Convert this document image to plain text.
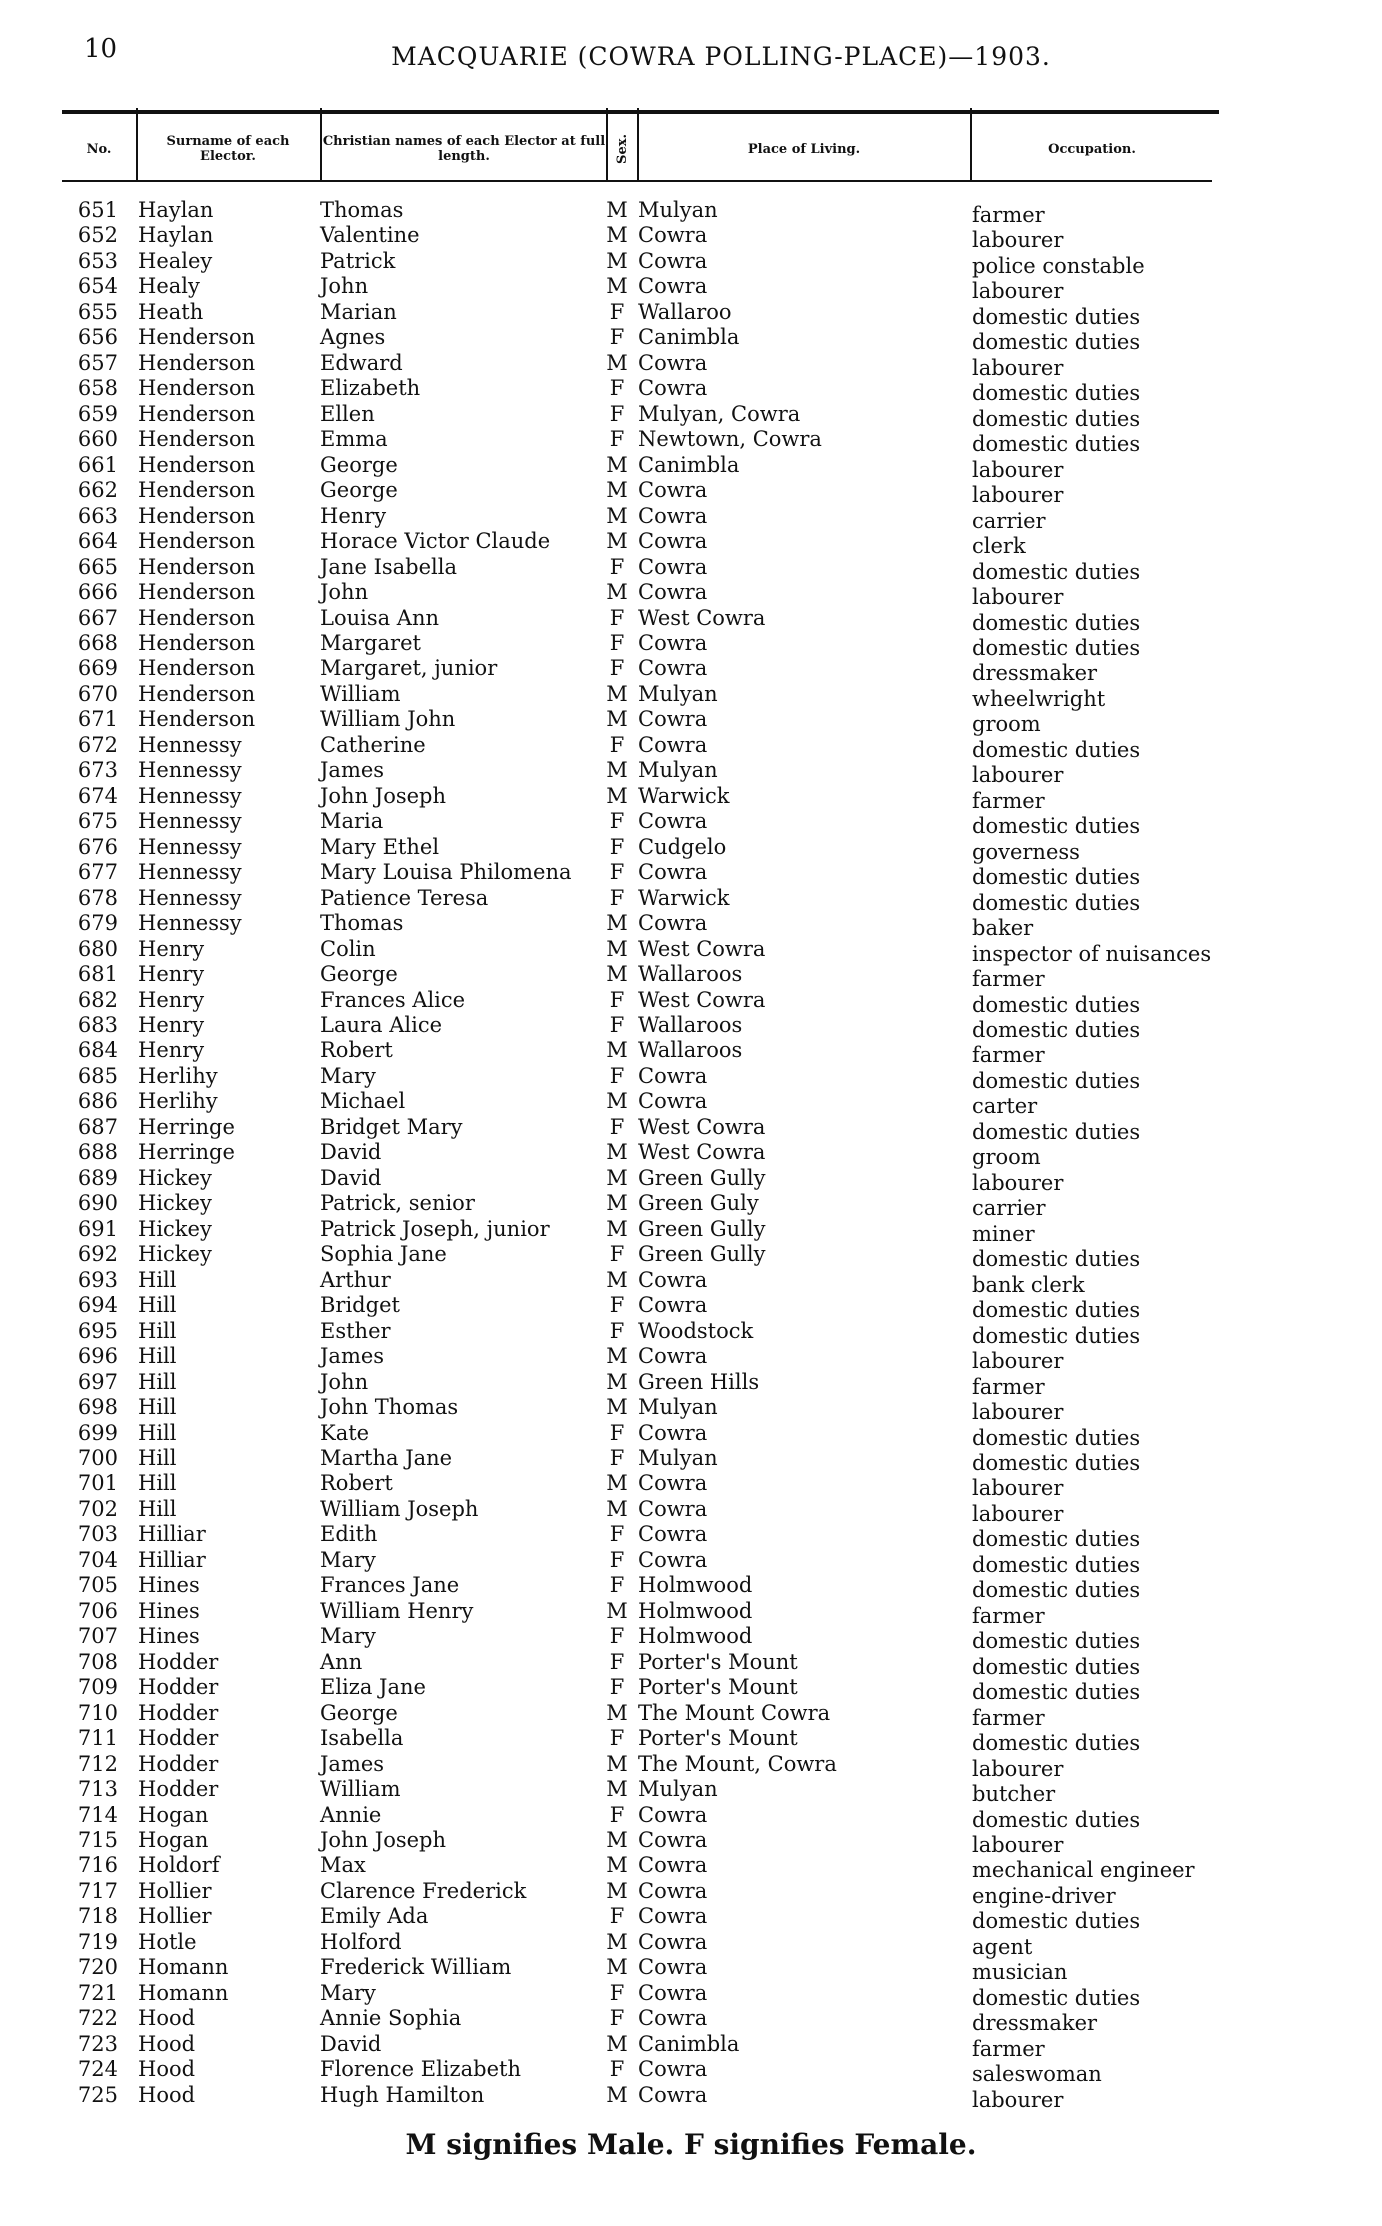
10	MACQUARIE (COWRA POLLING-PLACE)—1903.
No.	Surname of each Elector.
Christian names of each Elector at full length.	Sex.	Place of Living.	Occupation.
651 Haylan	Thomas	M Mulyan	farmer
652 Haylan	Valentine	M Cowra	labourer
653 Healey	Patrick	M Cowra	police constable
654 Healy	John	M Cowra	labourer
655 Heath	Marian	F Wallaroo	domestic duties
656 Henderson	Agnes	F Canimbla	domestic duties
657 Henderson	Edward	M Cowra	labourer
658 Henderson	Elizabeth	F Cowra	domestic duties
659 Henderson	Ellen	F Mulyan, Cowra	domestic duties
660 Henderson	Emma	F Newtown, Cowra	domestic duties
661 Henderson	George	M Canimbla	labourer
662 Henderson	George	M Cowra	labourer
663 Henderson	Henry	M Cowra	carrier
664 Henderson	Horace Victor Claude	M Cowra	clerk
665 Henderson	Jane Isabella	F Cowra	domestic duties
666 Henderson	John	M Cowra	labourer
667 Henderson	Louisa Ann	F West Cowra	domestic duties
668 Henderson	Margaret	F Cowra	domestic duties
669 Henderson	Margaret, junior	F Cowra	dressmaker
670 Henderson	William	M Mulyan	wheelwright
671 Henderson	William John	M Cowra	groom
672 Hennessy	Catherine	F Cowra	domestic duties
673 Hennessy	James	M Mulyan	labourer
674 Hennessy	John Joseph	M Warwick	farmer
675 Hennessy	Maria	F Cowra	domestic duties
676 Hennessy	Mary Ethel	F Cudgelo	governess
677 Hennessy	Mary Louisa Philomena F Cowra	domestic duties
678 Hennessy	Patience Teresa	F Warwick	domestic duties
679 Hennessy	Thomas	M Cowra	baker
680 Henry	Colin	M West Cowra	inspector of nuisances
681 Henry	George	M Wallaroos	farmer
682 Henry	Frances Alice	F West Cowra	domestic duties
683 Henry	Laura Alice	F Wallaroos	domestic duties
684 Henry	Robert	M Wallaroos	farmer
685 Herlihy	Mary	F Cowra	domestic duties
686 Herlihy	Michael	M Cowra	carter
687 Herringe	Bridget Mary	F West Cowra	domestic duties
688 Herringe	David	M West Cowra	groom
689 Hickey	David	M Green Gully	labourer
690 Hickey	Patrick, senior	M Green Guly	carrier
691 Hickey	Patrick Joseph, junior	M Green Gully	miner
692 Hickey	Sophia Jane	F Green Gully	domestic duties
693 Hill	Arthur	M Cowra	bank clerk
694 Hill	Bridget	F Cowra	domestic duties
695 Hill	Esther	F Woodstock	domestic duties
696 Hill	James	M Cowra	labourer
697 Hill	John	M Green Hills	farmer
698 Hill	John Thomas	M Mulyan	labourer
699 Hill	Kate	F Cowra	domestic duties
700 Hill	Martha Jane	F Mulyan	domestic duties
701 Hill	Robert	M Cowra	labourer
702 Hill	William Joseph	M Cowra	labourer
703 Hilliar	Edith	F Cowra	domestic duties
704 Hilliar	Mary	F Cowra	domestic duties
705 Hines	Frances Jane	F Holmwood	domestic duties
706 Hines	William Henry	M Holmwood	farmer
707 Hines	Mary	F Holmwood	domestic duties
708 Hodder	Ann	F Porter's Mount	domestic duties
709 Hodder	Eliza Jane	F Porter's Mount	domestic duties
710 Hodder	George	M The Mount Cowra	farmer
711 Hodder	Isabella	F Porter's Mount	domestic duties
712 Hodder	James	M The Mount, Cowra	labourer
713 Hodder	William	M Mulyan	butcher
714 Hogan	Annie	F Cowra	domestic duties
715 Hogan	John Joseph	M Cowra	labourer
716 Holdorf	Max	M Cowra	mechanical engineer
717 Hollier	Clarence Frederick	M Cowra	engine-driver
718 Hollier	Emily Ada	F Cowra	domestic duties
719 Hotle	Holford	M Cowra	agent
720 Homann	Frederick William	M Cowra	musician
721 Homann	Mary	F Cowra	domestic duties
722 Hood	Annie Sophia	F Cowra	dressmaker
723 Hood	David	M Canimbla	farmer
724 Hood	Florence Elizabeth	F Cowra	saleswoman
725 Hood	Hugh Hamilton	M Cowra	labourer
M signifies Male. F signifies Female.
